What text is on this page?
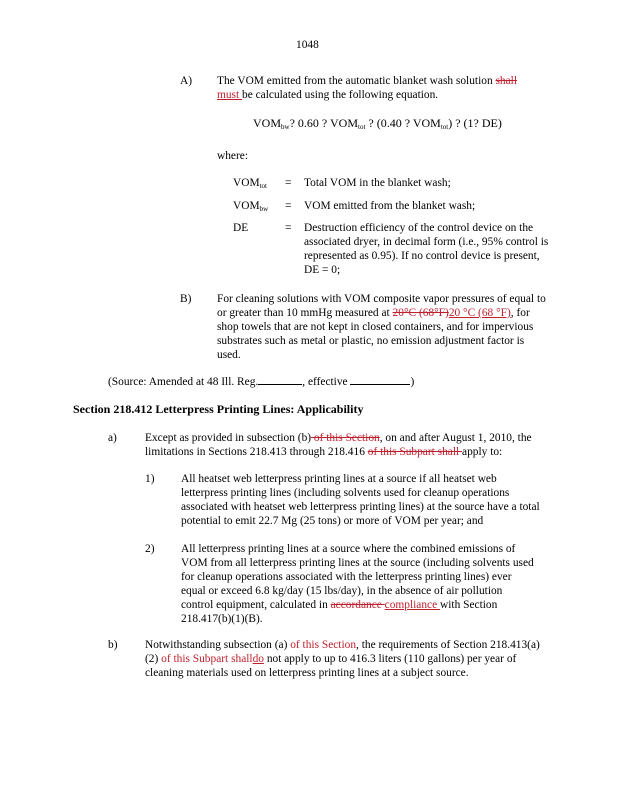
1048
A) The VOM emitted from the automatic blanket wash solution shall
must be calculated using the following equation.
$VOM_{bw}$? 0.60 ? $VOM_{tot}$ ? (0.40 ? $VOM_{tot}$) ? (1? DE)
where:
$VOM_{tot}$ = Total VOM in the blanket wash;
$VOM_{bw}$ = VOM emitted from the blanket wash;
DE	= Destruction efficiency of the control device on the associated dryer, in decimal form (i.e., 95% control is represented as 0.95). If no control device is present, DE = 0;
B) For cleaning solutions with VOM composite vapor pressures of equal to or greater than 10 mmHg measured at 20°C (68°F)20 °C (68 °F), for shop towels that are not kept in closed containers, and for impervious substrates such as metal or plastic, no emission adjustment factor is used.
(Source: Amended at 48 Ill. Reg.	, effective	)
Section 218.412 Letterpress Printing Lines: Applicability
a) Except as provided in subsection (b) of this Section, on and after August 1, 2010, the limitations in Sections 218.413 through 218.416 of this Subpart shall apply to:
1) All heatset web letterpress printing lines at a source if all heatset web letterpress printing lines (including solvents used for cleanup operations associated with heatset web letterpress printing lines) at the source have a total potential to emit 22.7 Mg (25 tons) or more of VOM per year; and
2) All letterpress printing lines at a source where the combined emissions of VOM from all letterpress printing lines at the source (including solvents used for cleanup operations associated with the letterpress printing lines) ever equal or exceed 6.8 kg/day (15 lbs/day), in the absence of air pollution control equipment, calculated in accordance compliance with Section 218.417(b)(1)(B).
b) Notwithstanding subsection (a) of this Section, the requirements of Section 218.413(a)(2) of this Subpart shalldo not apply to up to 416.3 liters (110 gallons) per year of cleaning materials used on letterpress printing lines at a subject source.
